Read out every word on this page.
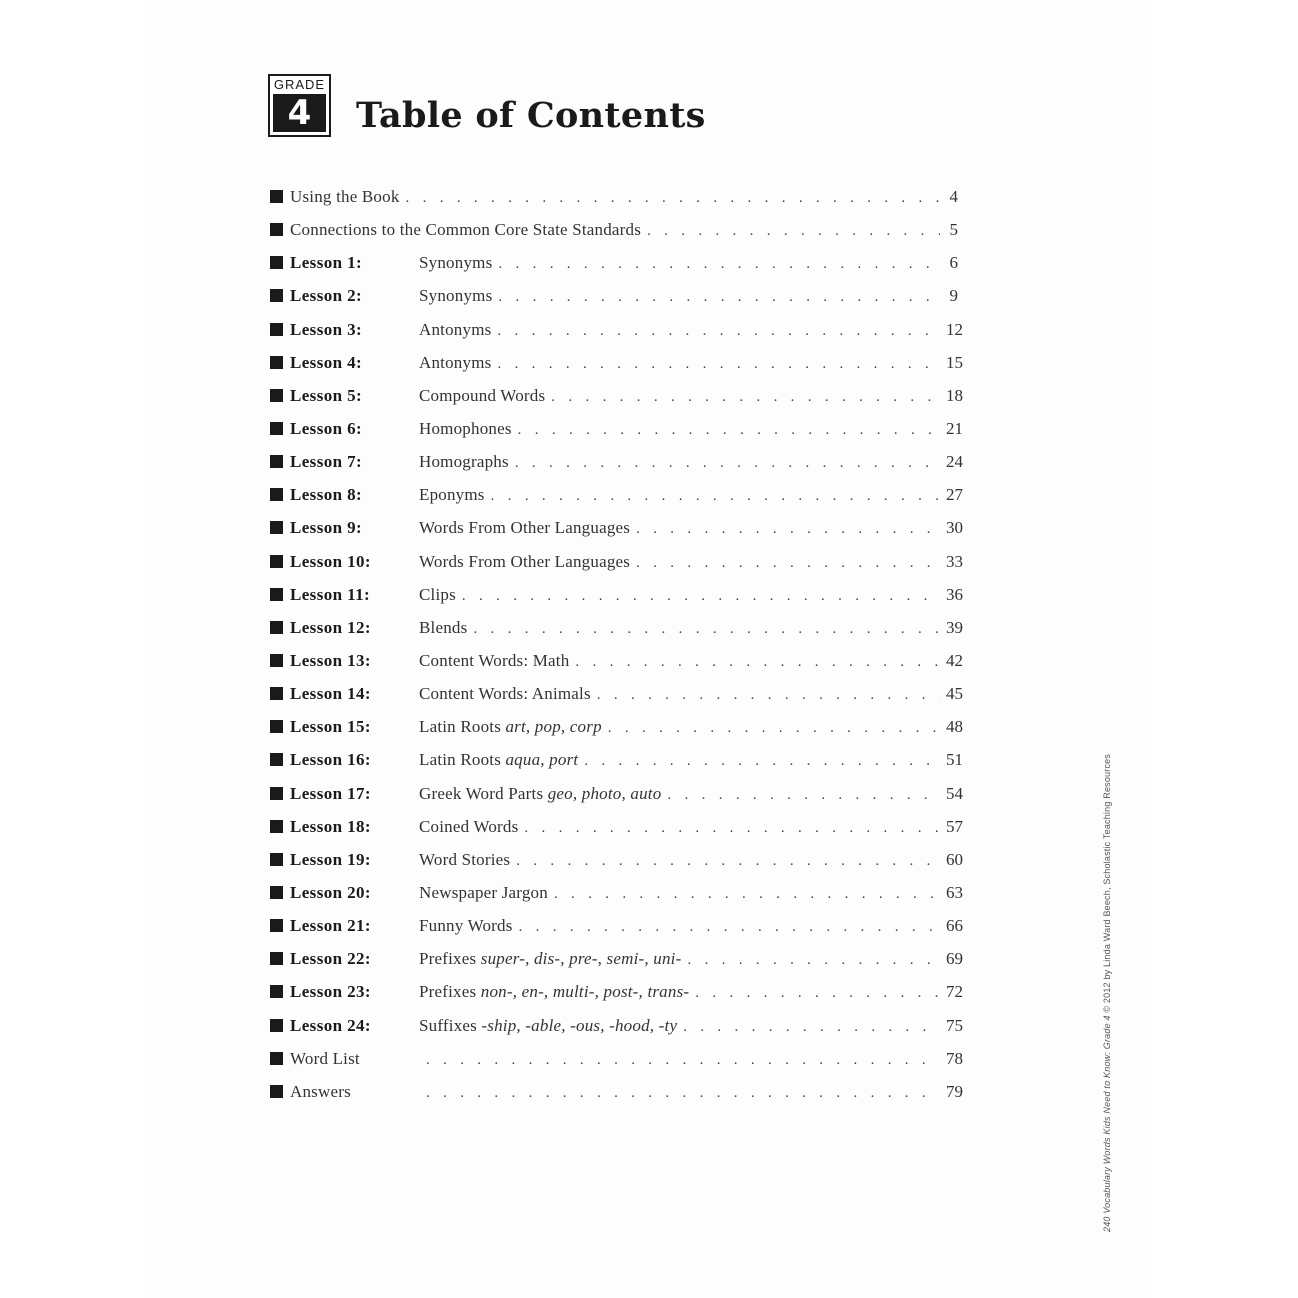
GRADE
4	Table of Contents
Using the Book . . .	4
Connections to the Common Core State Standards . . .	5
Lesson 1:	Synonyms . . .	6
Lesson 2:	Synonyms . . .	9
Lesson 3:	Antonyms . . .	12
Lesson 4:	Antonyms . . .	15
Lesson 5:	Compound Words . . .	18
Lesson 6:	Homophones . . .	21
Lesson 7:	Homographs . . .	24
Lesson 8:	Eponyms . . .	27
Lesson 9:	Words From Other Languages . . .	30
Lesson 10:	Words From Other Languages . . .	33
Lesson 11:	Clips . . .	36
Lesson 12:	Blends . . .	39
Lesson 13:	Content Words: Math . . .	42
Lesson 14:	Content Words: Animals . . .	45
Lesson 15:	Latin Roots art, pop, corp . . .	48
Lesson 16:	Latin Roots aqua, port . . .	51
Lesson 17:	Greek Word Parts geo, photo, auto . . .	54
Lesson 18:	Coined Words . . .	57
Lesson 19:	Word Stories . . .	60
Lesson 20:	Newspaper Jargon . . .	63
Lesson 21:	Funny Words . . .	66
Lesson 22:	Prefixes super-, dis-, pre-, semi-, uni- . . .	69
Lesson 23:	Prefixes non-, en-, multi-, post-, trans- . . .	72
Lesson 24:	Suffixes -ship, -able, -ous, -hood, -ty . . .	75
Word List . . .	78
Answers . . .	79	240 Vocabulary Words Kids Need to Know: Grade 4 © 2012 by Linda Ward Beech, Scholastic Teaching Resources
